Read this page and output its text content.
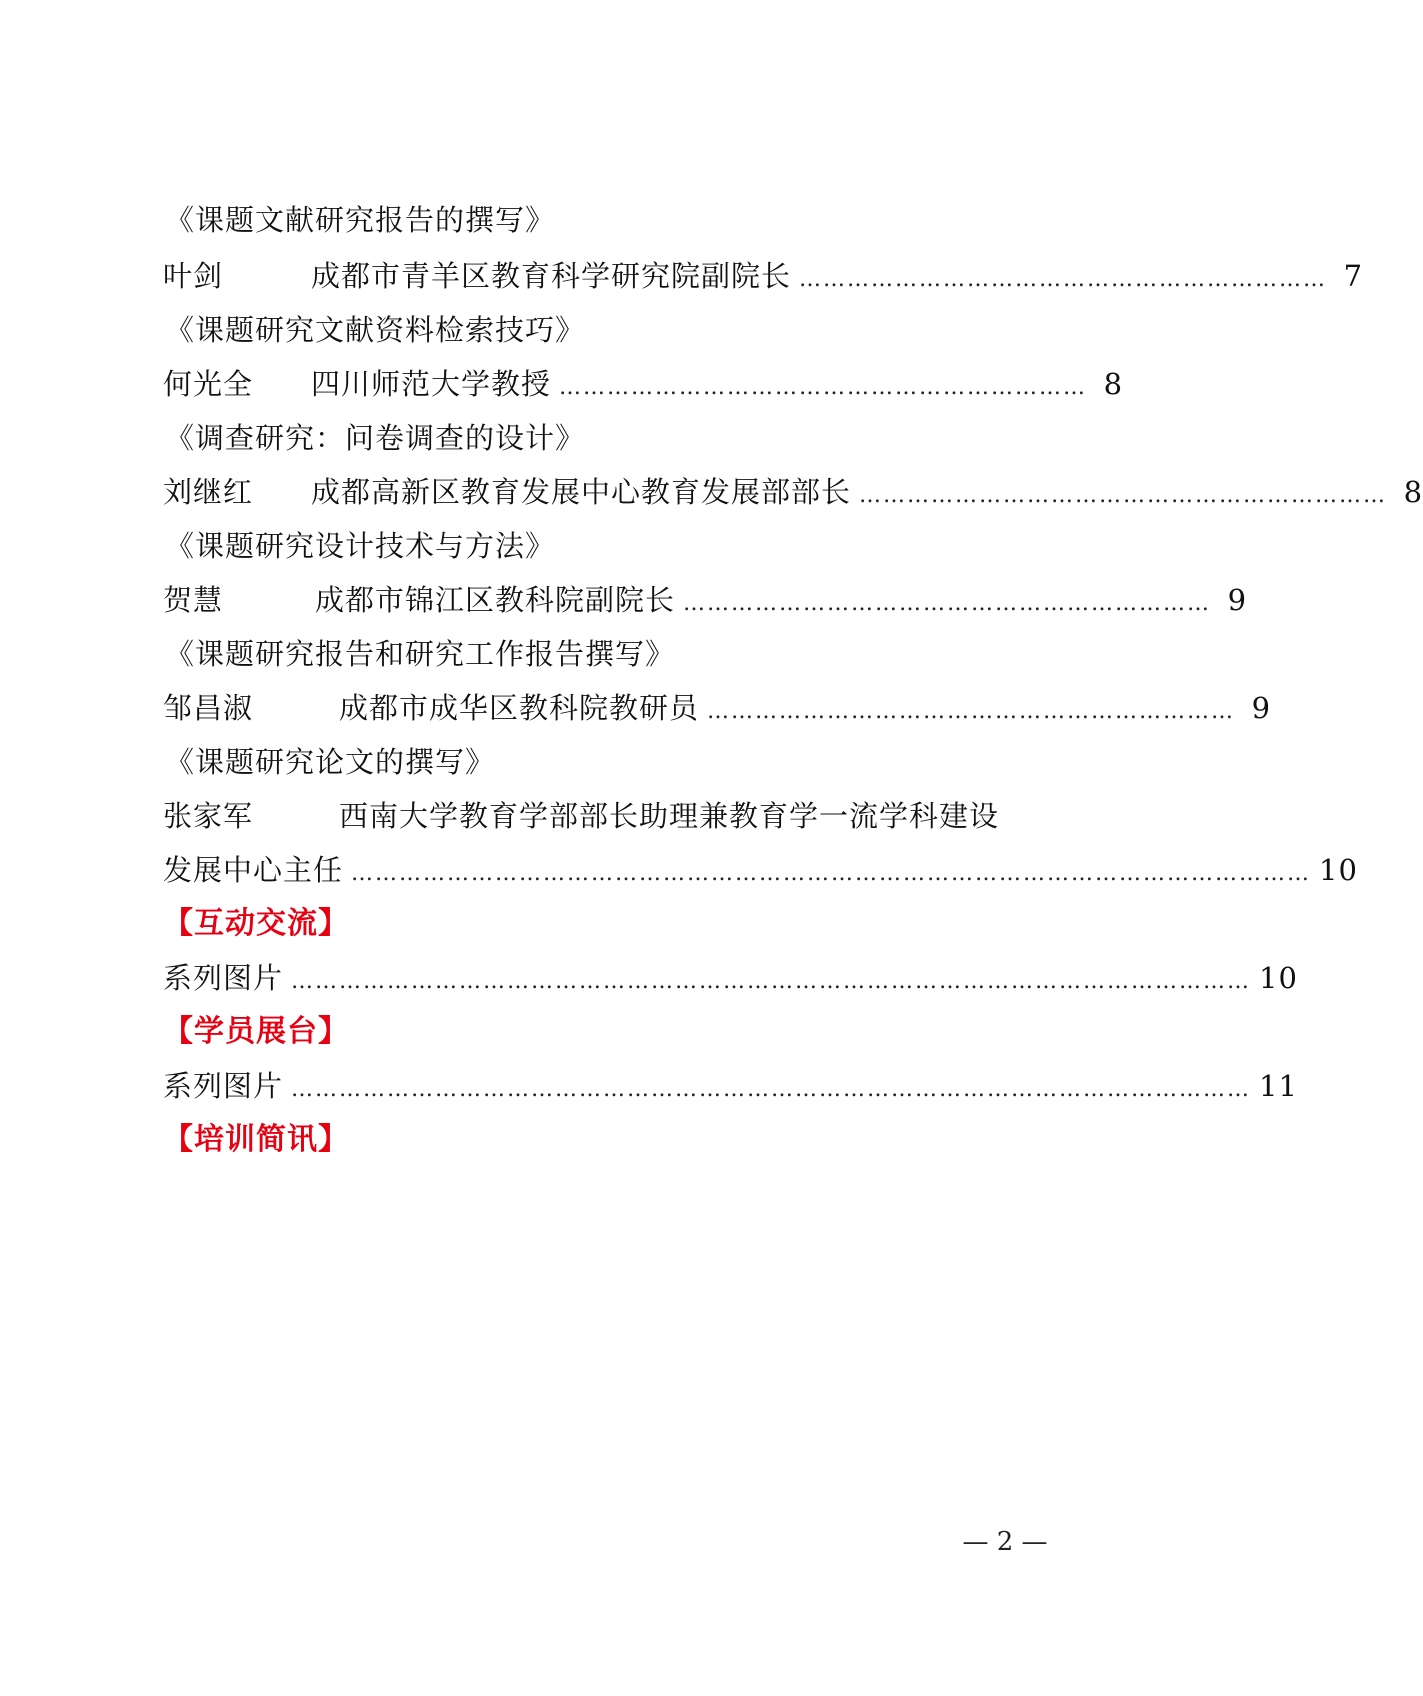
《课题文献研究报告的撰写》
叶剑	成都市青羊区教育科学研究院副院长 ………………………………………………………… 7
《课题研究文献资料检索技巧》
何光全	四川师范大学教授 ………………………………………………………… 8
《调查研究：问卷调查的设计》
刘继红	成都高新区教育发展中心教育发展部部长 ………………………………………………………… 8
《课题研究设计技术与方法》
贺慧	成都市锦江区教科院副院长 ………………………………………………………… 9
《课题研究报告和研究工作报告撰写》
邹昌淑	成都市成华区教科院教研员 ………………………………………………………… 9
《课题研究论文的撰写》
张家军	西南大学教育学部部长助理兼教育学一流学科建设
发展中心主任 ………………………………………………………………………………………………………… 10
【互动交流】
系列图片 ………………………………………………………………………………………………………… 10
【学员展台】
系列图片 ………………………………………………………………………………………………………… 11
【培训简讯】
— 2 —
